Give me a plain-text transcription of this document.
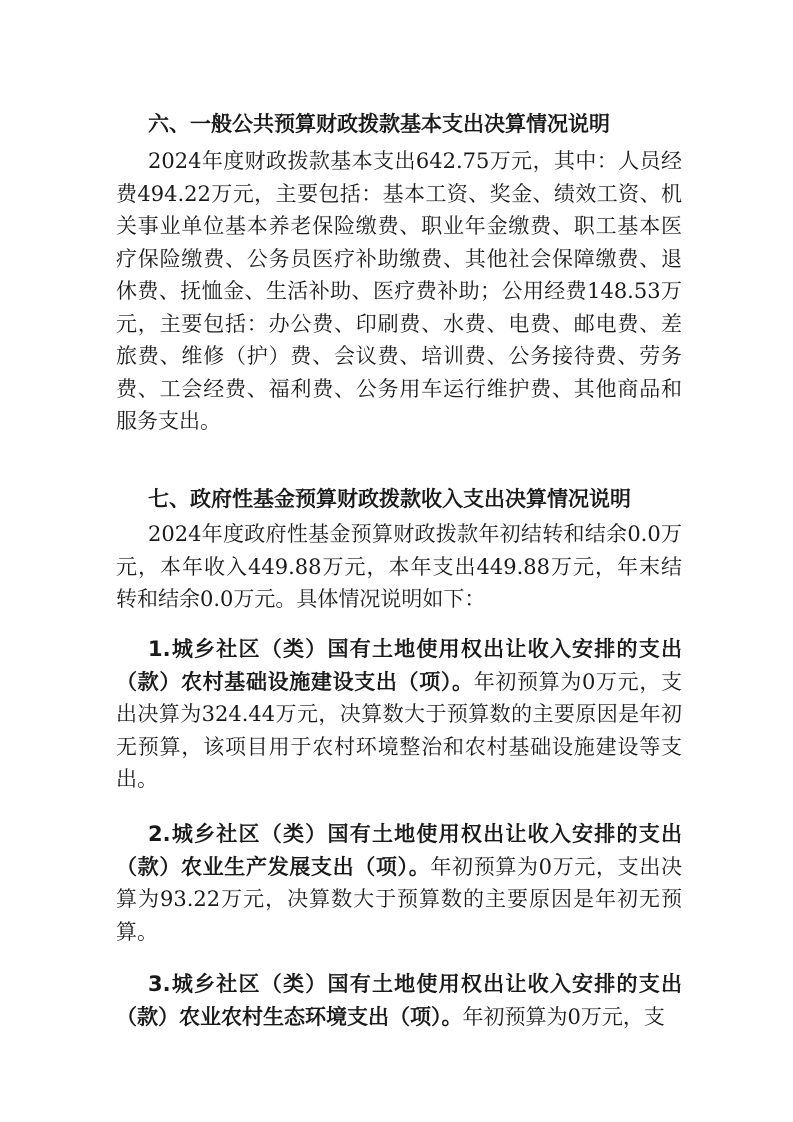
六、一般公共预算财政拨款基本支出决算情况说明

2024年度财政拨款基本支出642.75万元，其中：人员经费494.22万元，主要包括：基本工资、奖金、绩效工资、机关事业单位基本养老保险缴费、职业年金缴费、职工基本医疗保险缴费、公务员医疗补助缴费、其他社会保障缴费、退休费、抚恤金、生活补助、医疗费补助；公用经费148.53万元，主要包括：办公费、印刷费、水费、电费、邮电费、差旅费、维修（护）费、会议费、培训费、公务接待费、劳务费、工会经费、福利费、公务用车运行维护费、其他商品和服务支出。

七、政府性基金预算财政拨款收入支出决算情况说明

2024年度政府性基金预算财政拨款年初结转和结余0.0万元，本年收入449.88万元，本年支出449.88万元，年末结转和结余0.0万元。具体情况说明如下：

1.城乡社区（类）国有土地使用权出让收入安排的支出（款）农村基础设施建设支出（项）。年初预算为0万元，支出决算为324.44万元，决算数大于预算数的主要原因是年初无预算，该项目用于农村环境整治和农村基础设施建设等支出。

2.城乡社区（类）国有土地使用权出让收入安排的支出（款）农业生产发展支出（项）。年初预算为0万元，支出决算为93.22万元，决算数大于预算数的主要原因是年初无预算。

3.城乡社区（类）国有土地使用权出让收入安排的支出（款）农业农村生态环境支出（项）。年初预算为0万元，支
